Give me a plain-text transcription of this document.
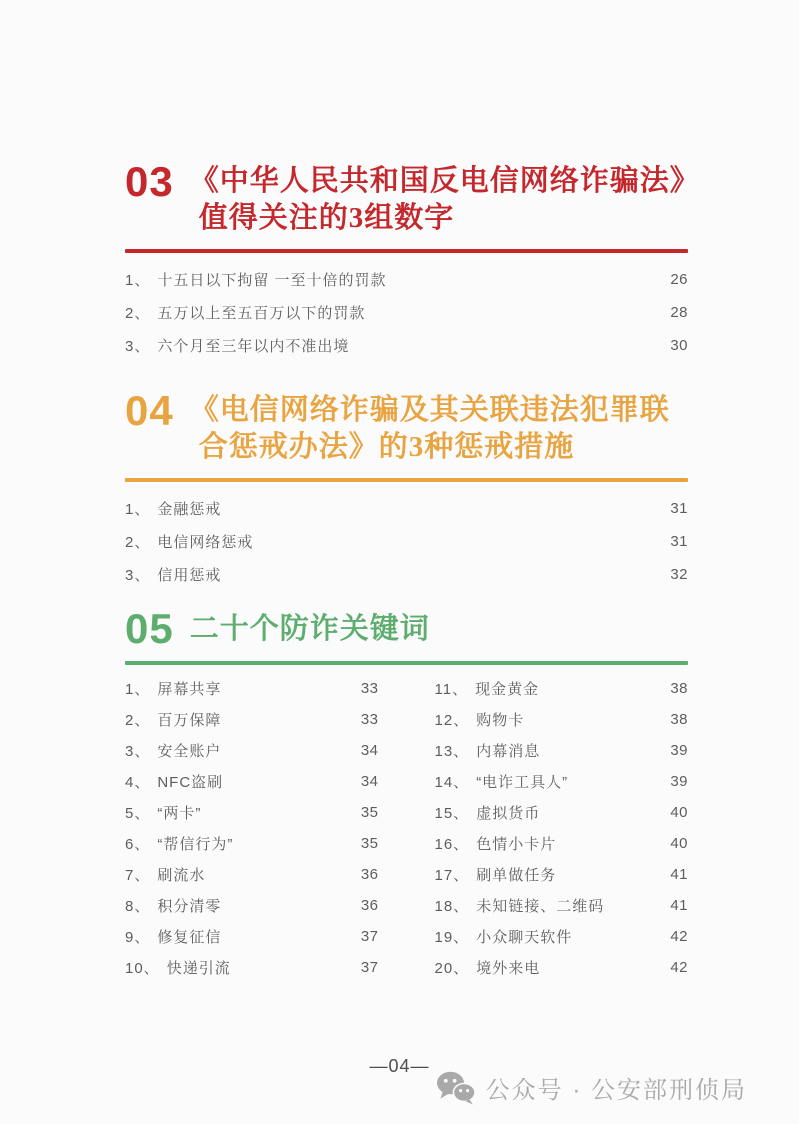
03 《中华人民共和国反电信网络诈骗法》
值得关注的3组数字
1、 十五日以下拘留 一至十倍的罚款	26
2、 五万以上至五百万以下的罚款	28
3、 六个月至三年以内不准出境	30
04 《电信网络诈骗及其关联违法犯罪联
合惩戒办法》的3种惩戒措施
1、 金融惩戒	31
2、 电信网络惩戒	31
3、 信用惩戒	32
05 二十个防诈关键词
1、 屏幕共享	33
2、 百万保障	33
3、 安全账户	34
4、 NFC盗刷	34
5、 “两卡”	35
6、 “帮信行为”	35
7、 刷流水	36
8、 积分清零	36
9、 修复征信	37
10、 快递引流	37
11、 现金黄金	38
12、 购物卡	38
13、 内幕消息	39
14、 “电诈工具人”	39
15、 虚拟货币	40
16、 色情小卡片	40
17、 刷单做任务	41
18、 未知链接、二维码	41
19、 小众聊天软件	42
20、 境外来电	42
—04—
公众号 · 公安部刑侦局
